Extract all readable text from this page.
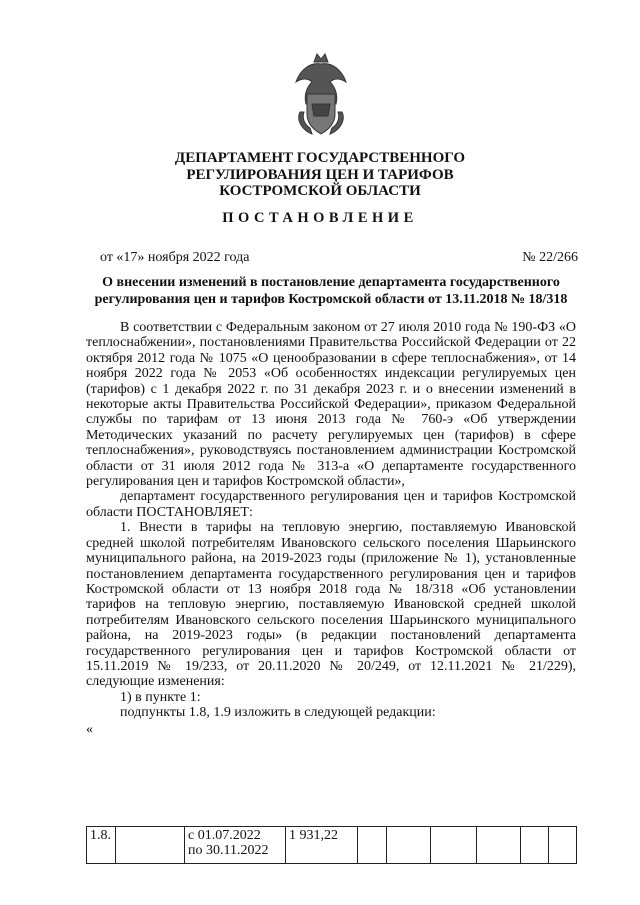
ДЕПАРТАМЕНТ ГОСУДАРСТВЕННОГО
РЕГУЛИРОВАНИЯ ЦЕН И ТАРИФОВ
КОСТРОМСКОЙ ОБЛАСТИ
ПОСТАНОВЛЕНИЕ
от «17» ноября 2022 года	№ 22/266
О внесении изменений в постановление департамента государственного
регулирования цен и тарифов Костромской области от 13.11.2018 № 18/318

В соответствии с Федеральным законом от 27 июля 2010 года № 190-ФЗ «О теплоснабжении», постановлениями Правительства Российской Федерации от 22 октября 2012 года № 1075 «О ценообразовании в сфере теплоснабжения», от 14 ноября 2022 года № 2053 «Об особенностях индексации регулируемых цен (тарифов) с 1 декабря 2022 г. по 31 декабря 2023 г. и о внесении изменений в некоторые акты Правительства Российской Федерации», приказом Федеральной службы по тарифам от 13 июня 2013 года № 760-э «Об утверждении Методических указаний по расчету регулируемых цен (тарифов) в сфере теплоснабжения», руководствуясь постановлением администрации Костромской области от 31 июля 2012 года № 313-а «О департаменте государственного регулирования цен и тарифов Костромской области»,

департамент государственного регулирования цен и тарифов Костромской области ПОСТАНОВЛЯЕТ:

1. Внести в тарифы на тепловую энергию, поставляемую Ивановской средней школой потребителям Ивановского сельского поселения Шарьинского муниципального района, на 2019-2023 годы (приложение № 1), установленные постановлением департамента государственного регулирования цен и тарифов Костромской области от 13 ноября 2018 года № 18/318 «Об установлении тарифов на тепловую энергию, поставляемую Ивановской средней школой потребителям Ивановского сельского поселения Шарьинского муниципального района, на 2019-2023 годы» (в редакции постановлений департамента государственного регулирования цен и тарифов Костромской области от 15.11.2019 № 19/233, от 20.11.2020 № 20/249, от 12.11.2021 № 21/229), следующие изменения:

1) в пункте 1:

подпункты 1.8, 1.9 изложить в следующей редакции:

«

1.8.		с 01.07.2022
по 30.11.2022
	1 931,22						
